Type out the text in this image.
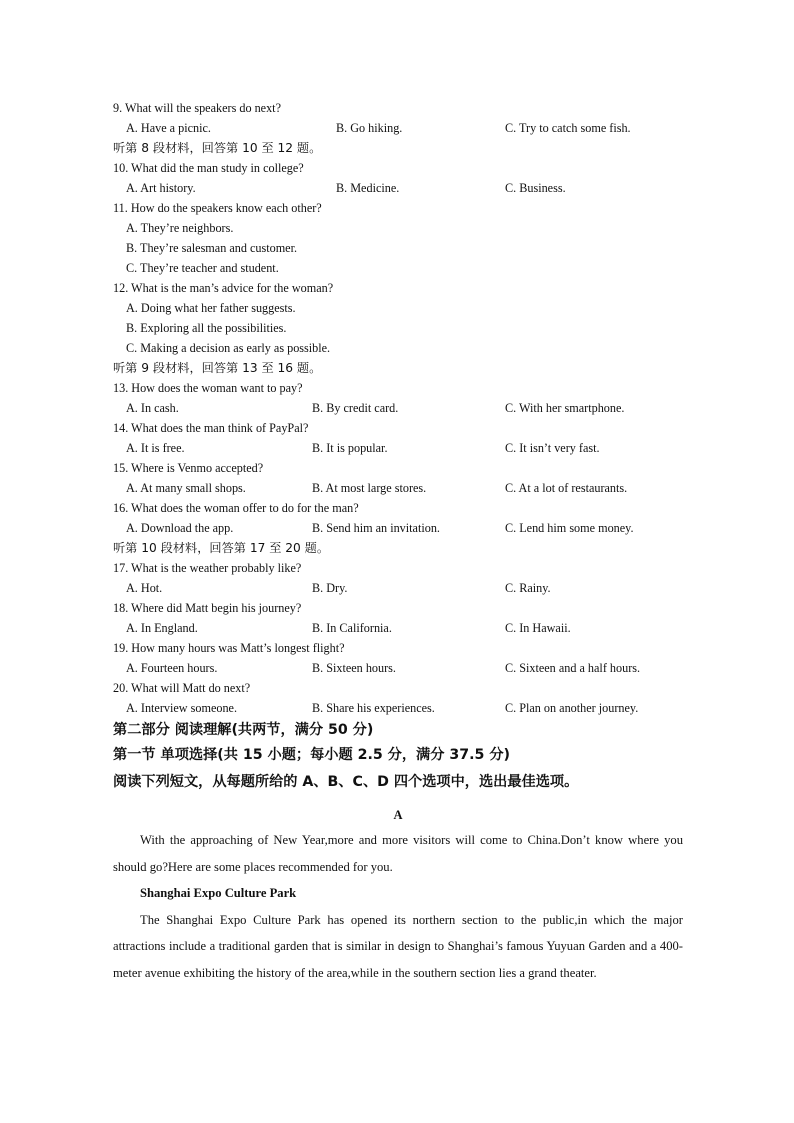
9. What will the speakers do next?
A. Have a picnic.	B. Go hiking.	C. Try to catch some fish.
听第 8 段材料，回答第 10 至 12 题。
10. What did the man study in college?
A. Art history.	B. Medicine.	C. Business.
11. How do the speakers know each other?
A. They’re neighbors.
B. They’re salesman and customer.
C. They’re teacher and student.
12. What is the man’s advice for the woman?
A. Doing what her father suggests.
B. Exploring all the possibilities.
C. Making a decision as early as possible.
听第 9 段材料，回答第 13 至 16 题。
13. How does the woman want to pay?
A. In cash.	B. By credit card.	C. With her smartphone.
14. What does the man think of PayPal?
A. It is free.	B. It is popular.	C. It isn’t very fast.
15. Where is Venmo accepted?
A. At many small shops.	B. At most large stores.	C. At a lot of restaurants.
16. What does the woman offer to do for the man?
A. Download the app.	B. Send him an invitation.	C. Lend him some money.
听第 10 段材料，回答第 17 至 20 题。
17. What is the weather probably like?
A. Hot.	B. Dry.	C. Rainy.
18. Where did Matt begin his journey?
A. In England.	B. In California.	C. In Hawaii.
19. How many hours was Matt’s longest flight?
A. Fourteen hours.	B. Sixteen hours.	C. Sixteen and a half hours.
20. What will Matt do next?
A. Interview someone.	B. Share his experiences.	C. Plan on another journey.
第二部分 阅读理解(共两节，满分 50 分)
第一节 单项选择(共 15 小题；每小题 2.5 分，满分 37.5 分)
阅读下列短文，从每题所给的 A、B、C、D 四个选项中，选出最佳选项。
A

With the approaching of New Year,more and more visitors will come to China.Don’t know where you should go?Here are some places recommended for you.

Shanghai Expo Culture Park

The Shanghai Expo Culture Park has opened its northern section to the public,in which the major attractions include a traditional garden that is similar in design to Shanghai’s famous Yuyuan Garden and a 400-meter avenue exhibiting the history of the area,while in the southern section lies a grand theater.
